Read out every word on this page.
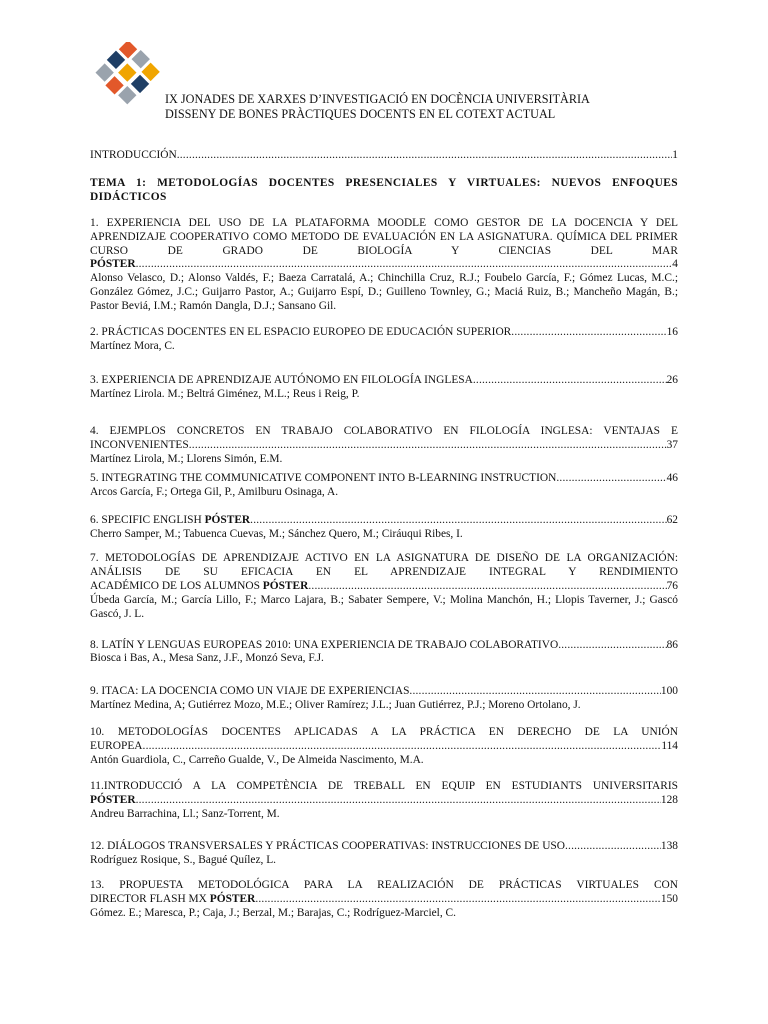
IX JONADES DE XARXES D’INVESTIGACIÓ EN DOCÈNCIA UNIVERSITÀRIA
DISSENY DE BONES PRÀCTIQUES DOCENTS EN EL COTEXT ACTUAL
INTRODUCCIÓN .....	1

TEMA 1: METODOLOGÍAS DOCENTES PRESENCIALES Y VIRTUALES: NUEVOS ENFOQUES DIDÁCTICOS

1. EXPERIENCIA DEL USO DE LA PLATAFORMA MOODLE COMO GESTOR DE LA DOCENCIA Y DEL APRENDIZAJE COOPERATIVO COMO METODO DE EVALUACIÓN EN LA ASIGNATURA. QUÍMICA DEL PRIMER CURSO DE GRADO DE BIOLOGÍA Y CIENCIAS DEL MAR
PÓSTER .....	4
Alonso Velasco, D.; Alonso Valdés, F.; Baeza Carratalá, A.; Chinchilla Cruz, R.J.; Foubelo García, F.; Gómez Lucas, M.C.; González Gómez, J.C.; Guijarro Pastor, A.; Guijarro Espí, D.; Guilleno Townley, G.; Maciá Ruiz, B.; Mancheño Magán, B.; Pastor Beviá, I.M.; Ramón Dangla, D.J.; Sansano Gil.
2. PRÁCTICAS DOCENTES EN EL ESPACIO EUROPEO DE EDUCACIÓN SUPERIOR .....	16
Martínez Mora, C.
3. EXPERIENCIA DE APRENDIZAJE AUTÓNOMO EN FILOLOGÍA INGLESA .....	26
Martínez Lirola. M.; Beltrá Giménez, M.L.; Reus i Reig, P.
4. EJEMPLOS CONCRETOS EN TRABAJO COLABORATIVO EN FILOLOGÍA INGLESA: VENTAJAS E
INCONVENIENTES .....	37
Martínez Lirola, M.; Llorens Simón, E.M.
5. INTEGRATING THE COMMUNICATIVE COMPONENT INTO B-LEARNING INSTRUCTION .....	46
Arcos García, F.; Ortega Gil, P., Amilburu Osinaga, A.
6. SPECIFIC ENGLISH PÓSTER .....	62
Cherro Samper, M.; Tabuenca Cuevas, M.; Sánchez Quero, M.; Ciráuqui Ribes, I.
7. METODOLOGÍAS DE APRENDIZAJE ACTIVO EN LA ASIGNATURA DE DISEÑO DE LA ORGANIZACIÓN: ANÁLISIS DE SU EFICACIA EN EL APRENDIZAJE INTEGRAL Y RENDIMIENTO
ACADÉMICO DE LOS ALUMNOS PÓSTER .....	76
Úbeda García, M.; García Lillo, F.; Marco Lajara, B.; Sabater Sempere, V.; Molina Manchón, H.; Llopis Taverner, J.; Gascó Gascó, J. L.
8. LATÍN Y LENGUAS EUROPEAS 2010: UNA EXPERIENCIA DE TRABAJO COLABORATIVO .....	86
Biosca i Bas, A., Mesa Sanz, J.F., Monzó Seva, F.J.
9. ITACA: LA DOCENCIA COMO UN VIAJE DE EXPERIENCIAS .....	100
Martínez Medina, A; Gutiérrez Mozo, M.E.; Oliver Ramírez; J.L.; Juan Gutiérrez, P.J.; Moreno Ortolano, J.
10. METODOLOGÍAS DOCENTES APLICADAS A LA PRÁCTICA EN DERECHO DE LA UNIÓN
EUROPEA .....	114
Antón Guardiola, C., Carreño Gualde, V., De Almeida Nascimento, M.A.
11.INTRODUCCIÓ A LA COMPETÈNCIA DE TREBALL EN EQUIP EN ESTUDIANTS UNIVERSITARIS
PÓSTER .....	128
Andreu Barrachina, Ll.; Sanz-Torrent, M.
12. DIÁLOGOS TRANSVERSALES Y PRÁCTICAS COOPERATIVAS: INSTRUCCIONES DE USO .....	138
Rodríguez Rosique, S., Bagué Quílez, L.
13. PROPUESTA METODOLÓGICA PARA LA REALIZACIÓN DE PRÁCTICAS VIRTUALES CON
DIRECTOR FLASH MX PÓSTER .....	150
Gómez. E.; Maresca, P.; Caja, J.; Berzal, M.; Barajas, C.; Rodríguez-Marciel, C.
